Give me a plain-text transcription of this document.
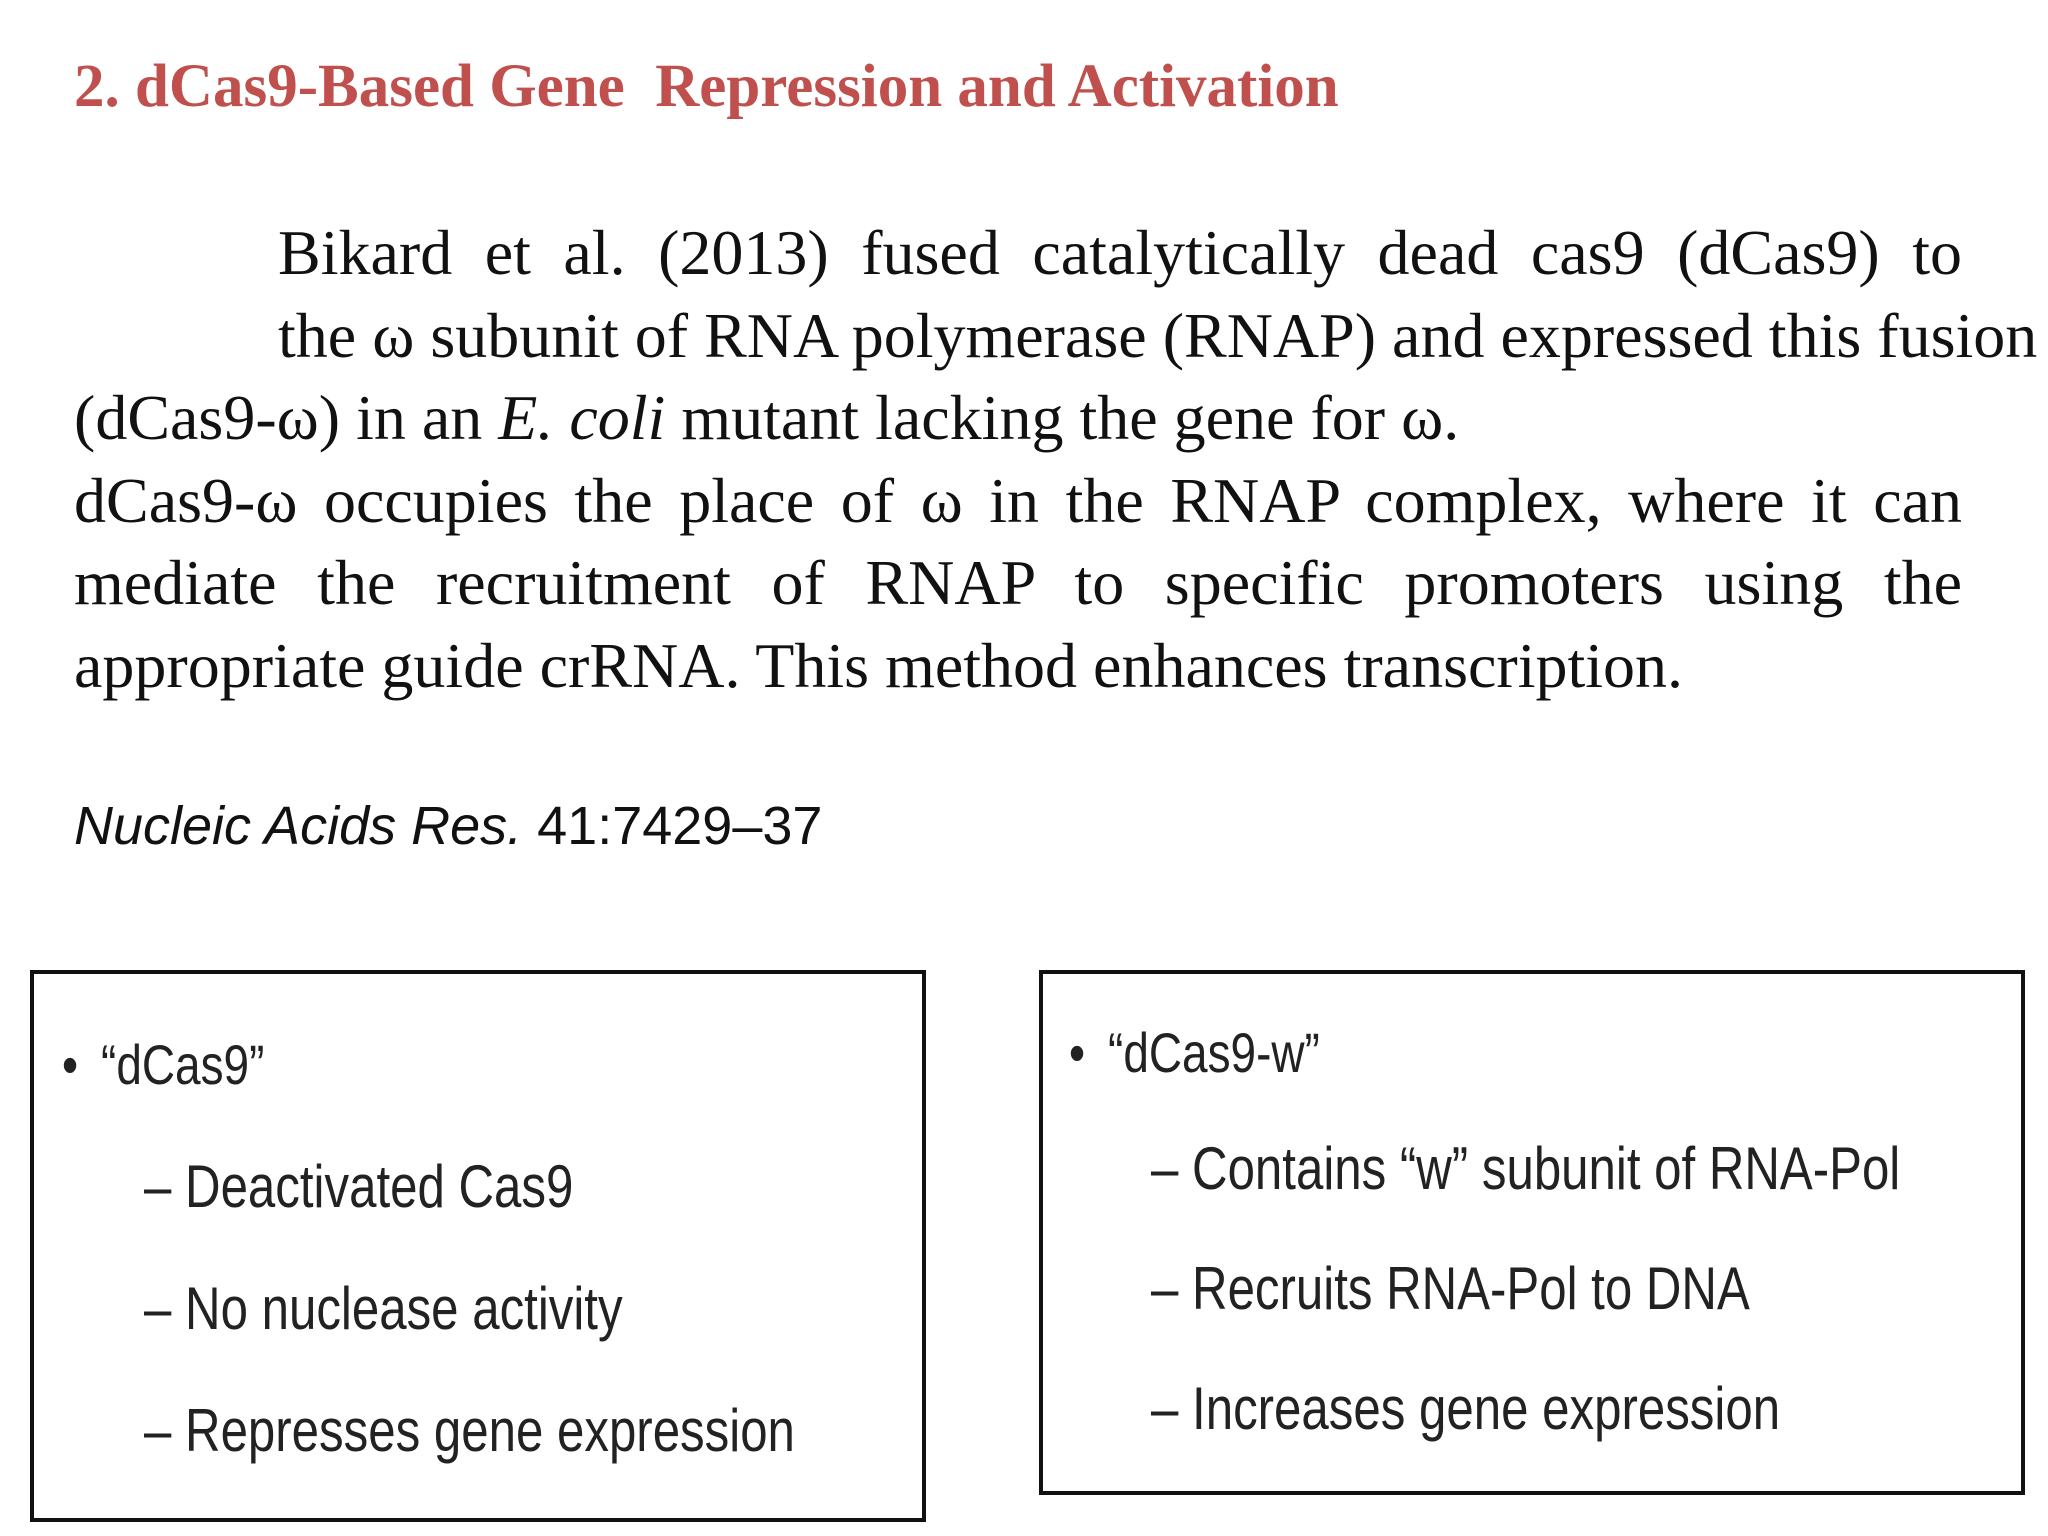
2. dCas9-Based Gene  Repression and Activation
Bikard et al. (2013) fused catalytically dead cas9 (dCas9) to
the ω subunit of RNA polymerase (RNAP) and expressed this fusion
(dCas9-ω) in an E. coli mutant lacking the gene for ω.
dCas9-ω occupies the place of ω in the RNAP complex, where it can
mediate the recruitment of RNAP to specific promoters using the
appropriate guide crRNA. This method enhances transcription.

Nucleic Acids Res. 41:7429–37

• “dCas9”
– Deactivated Cas9
– No nuclease activity
– Represses gene expression
• “dCas9-w”
– Contains “w” subunit of RNA-Pol
– Recruits RNA-Pol to DNA
– Increases gene expression
